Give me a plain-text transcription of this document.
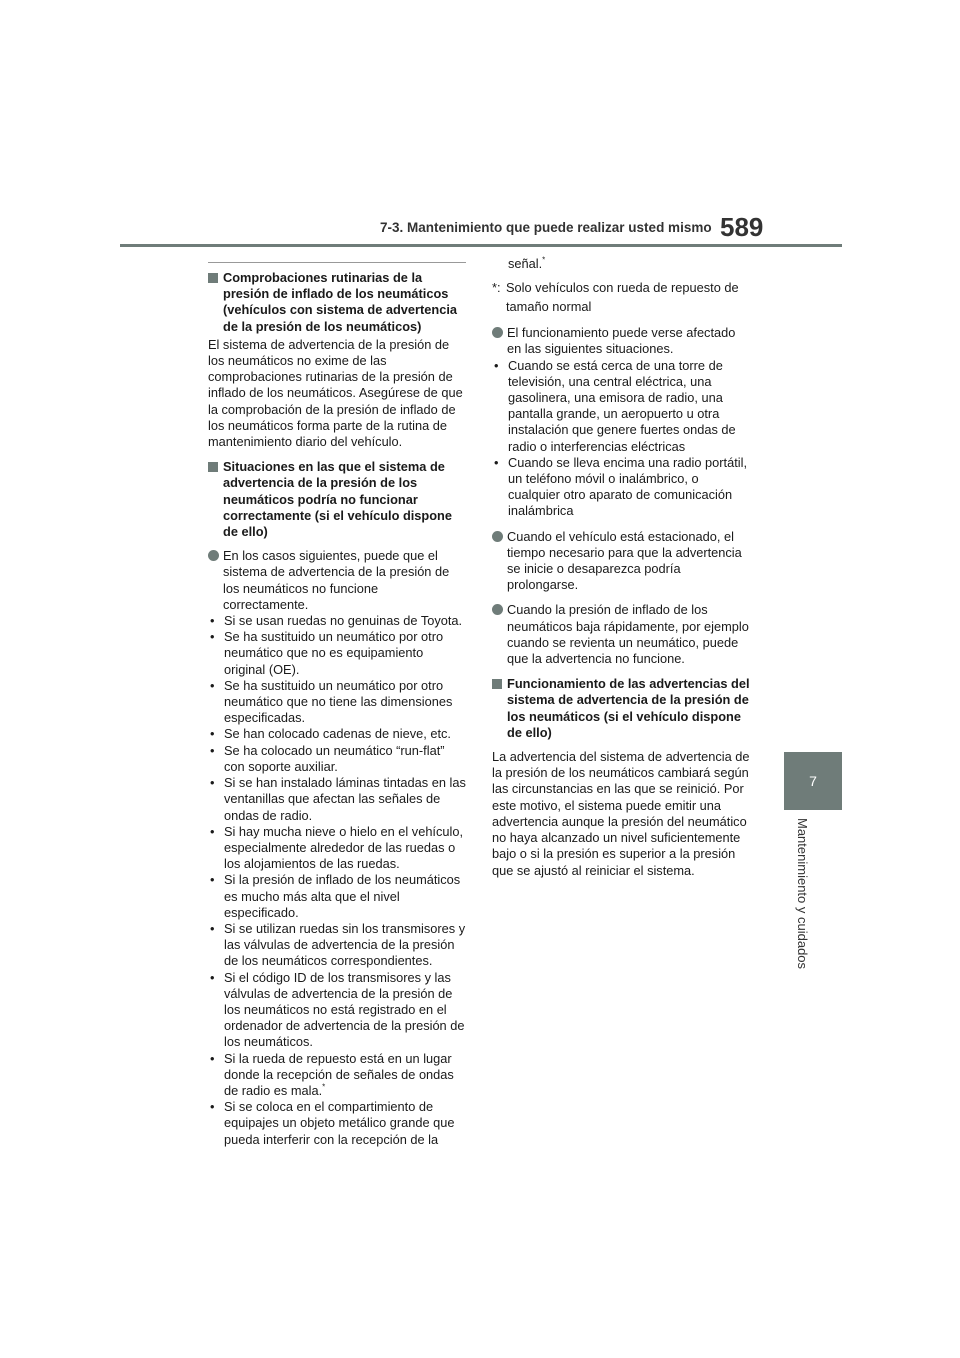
7-3. Mantenimiento que puede realizar usted mismo 589
7
Mantenimiento y cuidados
Comprobaciones rutinarias de la presión de inflado de los neumáticos (vehículos con sistema de advertencia de la presión de los neumáticos)

El sistema de advertencia de la presión de los neumáticos no exime de las comprobaciones rutinarias de la presión de inflado de los neumáticos. Asegúrese de que la comprobación de la presión de inflado de los neumáticos forma parte de la rutina de mantenimiento diario del vehículo.

Situaciones en las que el sistema de advertencia de la presión de los neumáticos podría no funcionar correctamente (si el vehículo dispone de ello)
En los casos siguientes, puede que el sistema de advertencia de la presión de los neumáticos no funcione correctamente.
• Si se usan ruedas no genuinas de Toyota.
• Se ha sustituido un neumático por otro neumático que no es equipamiento original (OE).
• Se ha sustituido un neumático por otro neumático que no tiene las dimensiones especificadas.
• Se han colocado cadenas de nieve, etc.
• Se ha colocado un neumático “run-flat” con soporte auxiliar.
• Si se han instalado láminas tintadas en las ventanillas que afectan las señales de ondas de radio.
• Si hay mucha nieve o hielo en el vehículo, especialmente alrededor de las ruedas o los alojamientos de las ruedas.
• Si la presión de inflado de los neumáticos es mucho más alta que el nivel especificado.
• Si se utilizan ruedas sin los transmisores y las válvulas de advertencia de la presión de los neumáticos correspondientes.
• Si el código ID de los transmisores y las válvulas de advertencia de la presión de los neumáticos no está registrado en el ordenador de advertencia de la presión de los neumáticos.
• Si la rueda de repuesto está en un lugar donde la recepción de señales de ondas de radio es mala.*
• Si se coloca en el compartimiento de equipajes un objeto metálico grande que pueda interferir con la recepción de la
señal.*
*: Solo vehículos con rueda de repuesto de tamaño normal
El funcionamiento puede verse afectado en las siguientes situaciones.
• Cuando se está cerca de una torre de televisión, una central eléctrica, una gasolinera, una emisora de radio, una pantalla grande, un aeropuerto u otra instalación que genere fuertes ondas de radio o interferencias eléctricas
• Cuando se lleva encima una radio portátil, un teléfono móvil o inalámbrico, o cualquier otro aparato de comunicación inalámbrica
Cuando el vehículo está estacionado, el tiempo necesario para que la advertencia se inicie o desaparezca podría prolongarse.
Cuando la presión de inflado de los neumáticos baja rápidamente, por ejemplo cuando se revienta un neumático, puede que la advertencia no funcione.
Funcionamiento de las advertencias del sistema de advertencia de la presión de los neumáticos (si el vehículo dispone de ello)

La advertencia del sistema de advertencia de la presión de los neumáticos cambiará según las circunstancias en las que se reinició. Por este motivo, el sistema puede emitir una advertencia aunque la presión del neumático no haya alcanzado un nivel suficientemente bajo o si la presión es superior a la presión que se ajustó al reiniciar el sistema.
